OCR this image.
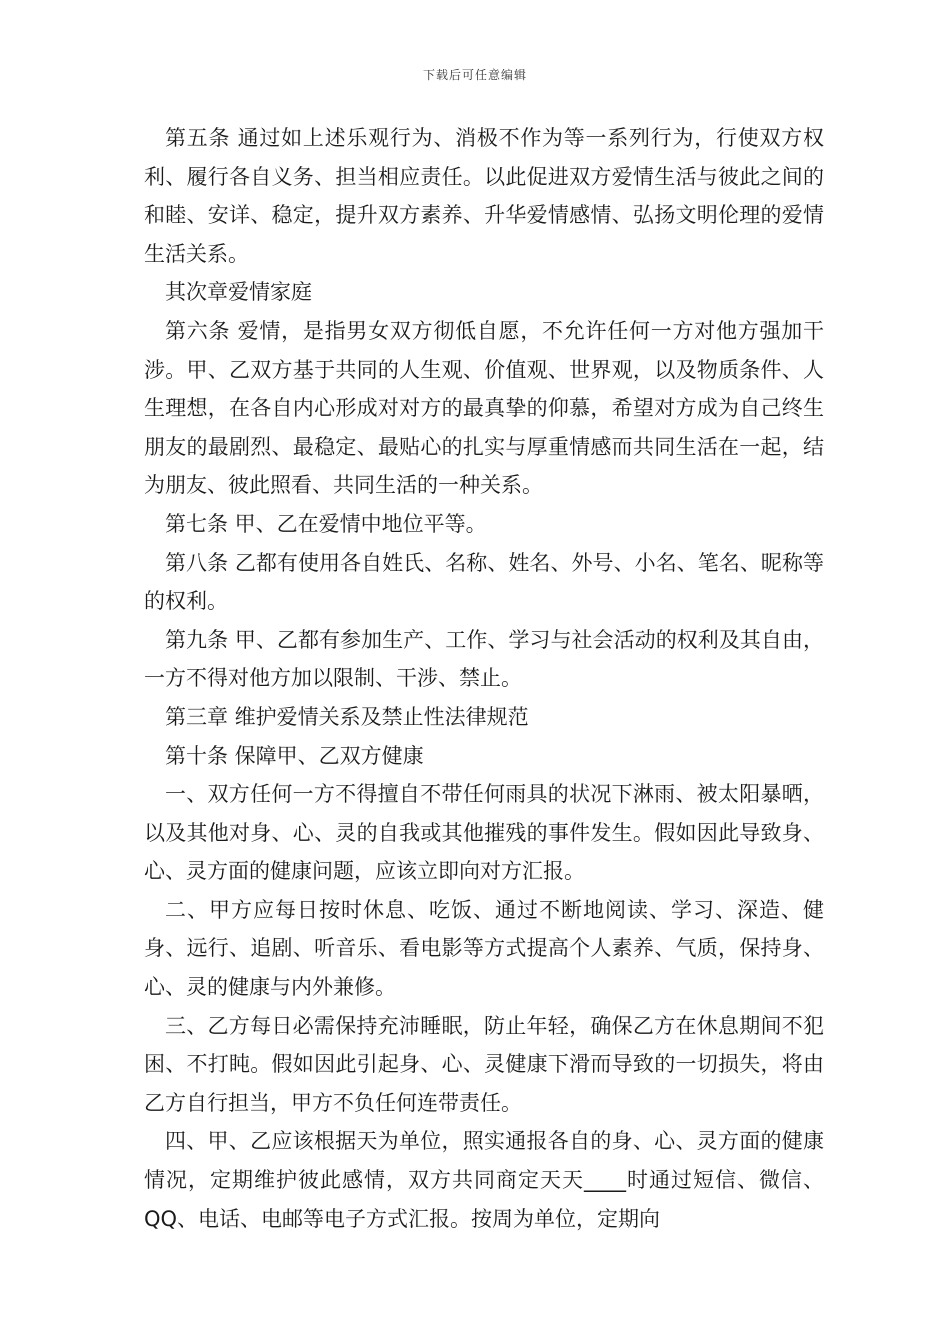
下载后可任意编辑

第五条 通过如上述乐观行为、消极不作为等一系列行为，行使双方权利、履行各自义务、担当相应责任。以此促进双方爱情生活与彼此之间的和睦、安详、稳定，提升双方素养、升华爱情感情、弘扬文明伦理的爱情生活关系。

其次章爱情家庭

第六条 爱情，是指男女双方彻低自愿，不允许任何一方对他方强加干涉。甲、乙双方基于共同的人生观、价值观、世界观，以及物质条件、人生理想，在各自内心形成对对方的最真挚的仰慕，希望对方成为自己终生朋友的最剧烈、最稳定、最贴心的扎实与厚重情感而共同生活在一起，结为朋友、彼此照看、共同生活的一种关系。

第七条 甲、乙在爱情中地位平等。

第八条 乙都有使用各自姓氏、名称、姓名、外号、小名、笔名、昵称等的权利。

第九条 甲、乙都有参加生产、工作、学习与社会活动的权利及其自由，一方不得对他方加以限制、干涉、禁止。

第三章 维护爱情关系及禁止性法律规范

第十条 保障甲、乙双方健康

一、双方任何一方不得擅自不带任何雨具的状况下淋雨、被太阳暴晒，以及其他对身、心、灵的自我或其他摧残的事件发生。假如因此导致身、心、灵方面的健康问题，应该立即向对方汇报。

二、甲方应每日按时休息、吃饭、通过不断地阅读、学习、深造、健身、远行、追剧、听音乐、看电影等方式提高个人素养、气质，保持身、心、灵的健康与内外兼修。

三、乙方每日必需保持充沛睡眠，防止年轻，确保乙方在休息期间不犯困、不打盹。假如因此引起身、心、灵健康下滑而导致的一切损失，将由乙方自行担当，甲方不负任何连带责任。

四、甲、乙应该根据天为单位，照实通报各自的身、心、灵方面的健康情况，定期维护彼此感情，双方共同商定天天____时通过短信、微信、QQ、电话、电邮等电子方式汇报。按周为单位，定期向
